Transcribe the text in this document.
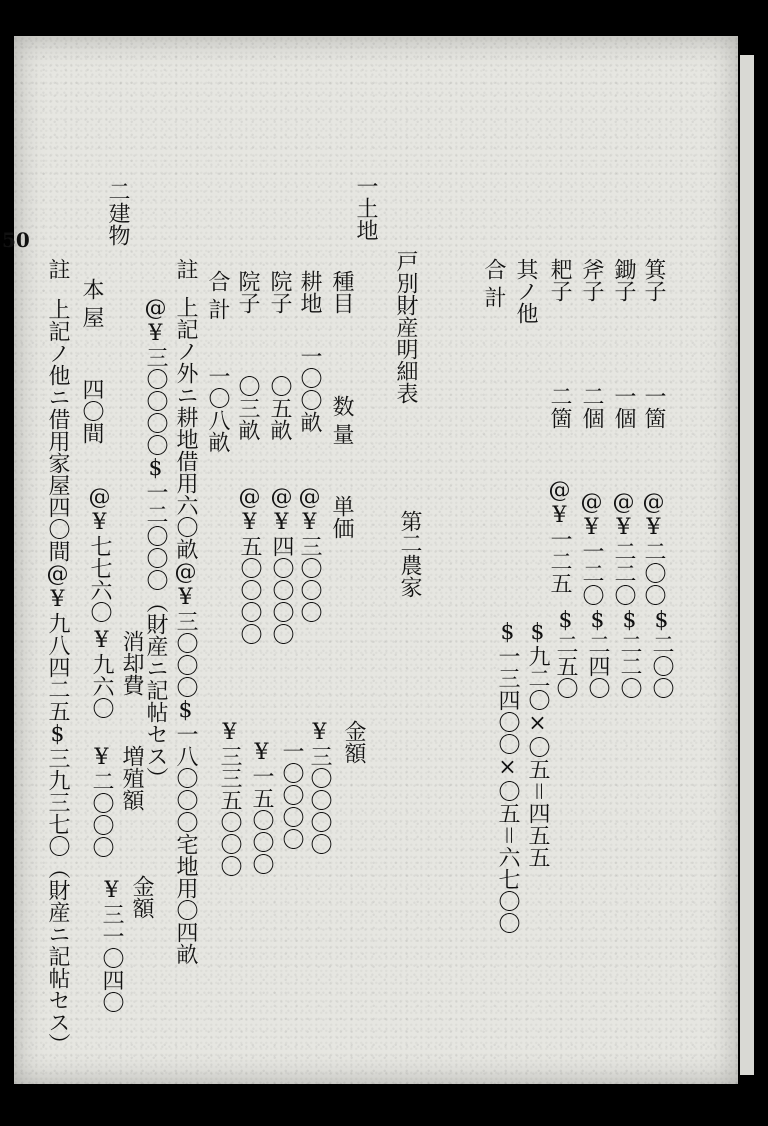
50
戸別財産明細表
第二農家
一土地
種目
数量
単価
金額
耕地
一〇〇畝
@¥三〇〇〇
¥三〇〇〇〇
院子
〇五畝
@¥四〇〇〇〇
一〇〇〇〇
院子
〇三畝
@¥五〇〇〇〇
¥一五〇〇〇
合計
一〇八畝
¥三三五〇〇〇
註
上記ノ外ニ耕地借用六〇畝@¥三〇〇〇$一八〇〇〇宅地用〇四畝
@¥三〇〇〇〇$一二〇〇〇（財産ニ記帖セス）
二建物
消却費
増殖額
金額
本屋
四〇間
@¥七七六〇
¥九六〇
¥二〇〇〇
¥三一〇四〇
註
上記ノ他ニ借用家屋四〇間@¥九八四二五$三九三七〇（財産ニ記帖セス）
箕子
一箇
@¥二〇〇
$二〇〇
鋤子
一個
@¥二二〇
$二二〇
斧子
二個
@¥一二〇
$二四〇
其ノ他 耙子
二箇
@¥一二五
$二五〇
合計
$九二〇×〇五＝四五五
$一三四〇〇×〇五＝六七〇〇
